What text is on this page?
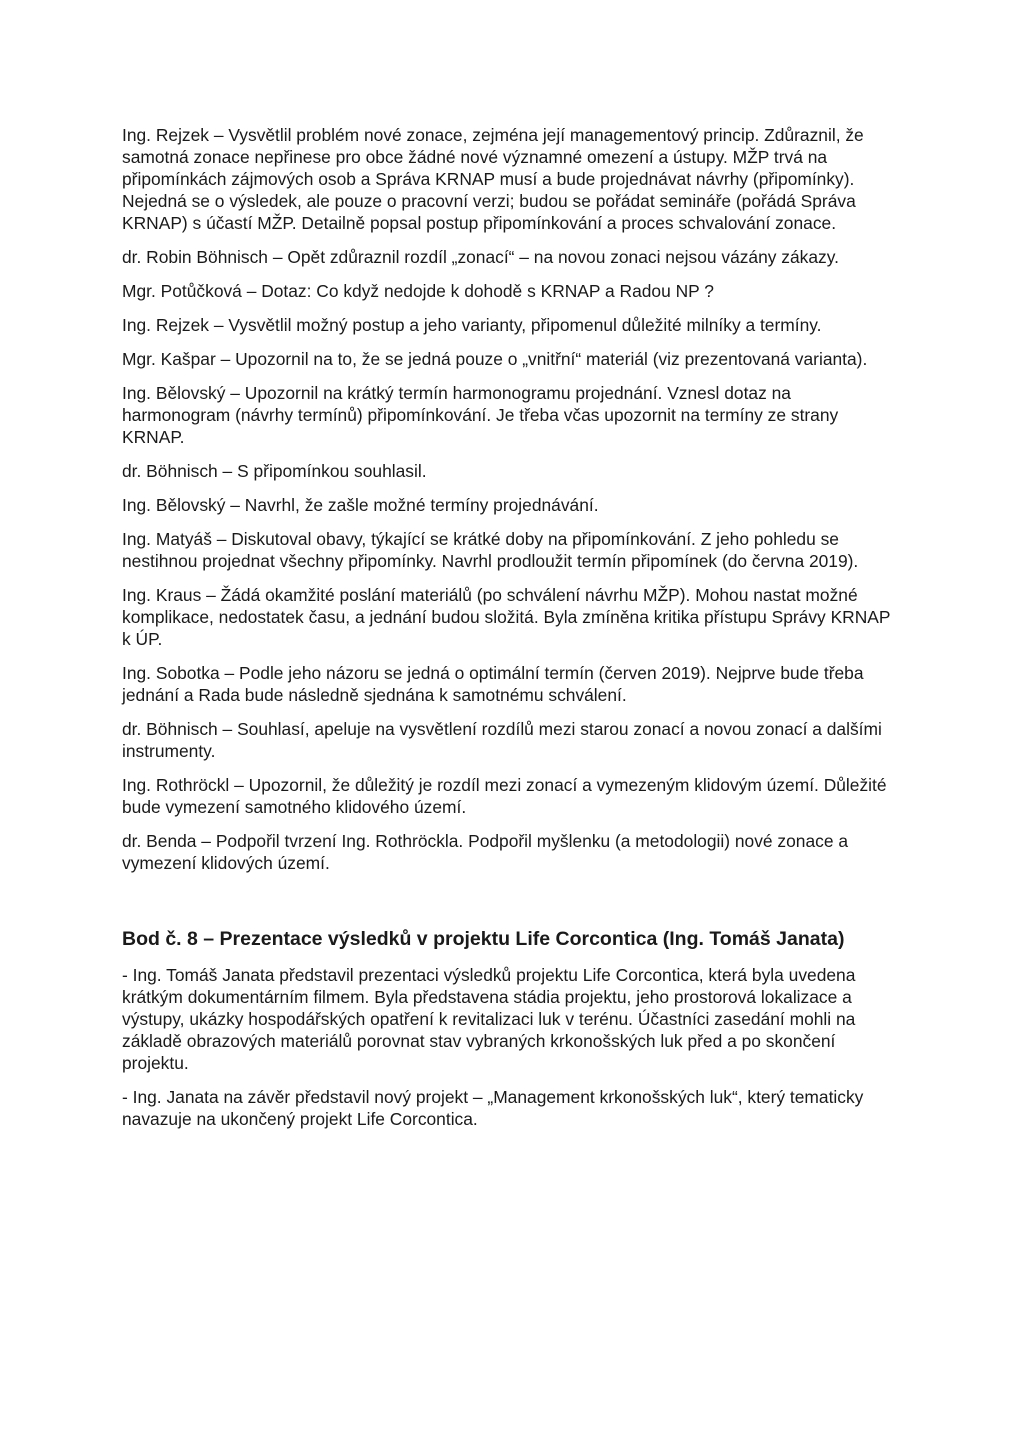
Ing. Rejzek – Vysvětlil problém nové zonace, zejména její managementový princip. Zdůraznil, že samotná zonace nepřinese pro obce žádné nové významné omezení a ústupy. MŽP trvá na připomínkách zájmových osob a Správa KRNAP musí a bude projednávat návrhy (připomínky). Nejedná se o výsledek, ale pouze o pracovní verzi; budou se pořádat semináře (pořádá Správa KRNAP) s účastí MŽP. Detailně popsal postup připomínkování a proces schvalování zonace.

dr. Robin Böhnisch – Opět zdůraznil rozdíl „zonací“ – na novou zonaci nejsou vázány zákazy.

Mgr. Potůčková – Dotaz: Co když nedojde k dohodě s KRNAP a Radou NP ?

Ing. Rejzek – Vysvětlil možný postup a jeho varianty, připomenul důležité milníky a termíny.

Mgr. Kašpar – Upozornil na to, že se jedná pouze o „vnitřní“ materiál (viz prezentovaná varianta).

Ing. Bělovský – Upozornil na krátký termín harmonogramu projednání. Vznesl dotaz na harmonogram (návrhy termínů) připomínkování. Je třeba včas upozornit na termíny ze strany KRNAP.

dr. Böhnisch – S připomínkou souhlasil.

Ing. Bělovský – Navrhl, že zašle možné termíny projednávání.

Ing. Matyáš – Diskutoval obavy, týkající se krátké doby na připomínkování. Z jeho pohledu se nestihnou projednat všechny připomínky. Navrhl prodloužit termín připomínek (do června 2019).

Ing. Kraus – Žádá okamžité poslání materiálů (po schválení návrhu MŽP). Mohou nastat možné komplikace, nedostatek času, a jednání budou složitá. Byla zmíněna kritika přístupu Správy KRNAP k ÚP.

Ing. Sobotka – Podle jeho názoru se jedná o optimální termín (červen 2019). Nejprve bude třeba jednání a Rada bude následně sjednána k samotnému schválení.

dr. Böhnisch – Souhlasí, apeluje na vysvětlení rozdílů mezi starou zonací a novou zonací a dalšími instrumenty.

Ing. Rothröckl – Upozornil, že důležitý je rozdíl mezi zonací a vymezeným klidovým území. Důležité bude vymezení samotného klidového území.

dr. Benda – Podpořil tvrzení Ing. Rothröckla. Podpořil myšlenku (a metodologii) nové zonace a vymezení klidových území.

Bod č. 8 – Prezentace výsledků v projektu Life Corcontica (Ing. Tomáš Janata)

- Ing. Tomáš Janata představil prezentaci výsledků projektu Life Corcontica, která byla uvedena krátkým dokumentárním filmem. Byla představena stádia projektu, jeho prostorová lokalizace a výstupy, ukázky hospodářských opatření k revitalizaci luk v terénu. Účastníci zasedání mohli na základě obrazových materiálů porovnat stav vybraných krkonošských luk před a po skončení projektu.

- Ing. Janata na závěr představil nový projekt – „Management krkonošských luk“, který tematicky navazuje na ukončený projekt Life Corcontica.
